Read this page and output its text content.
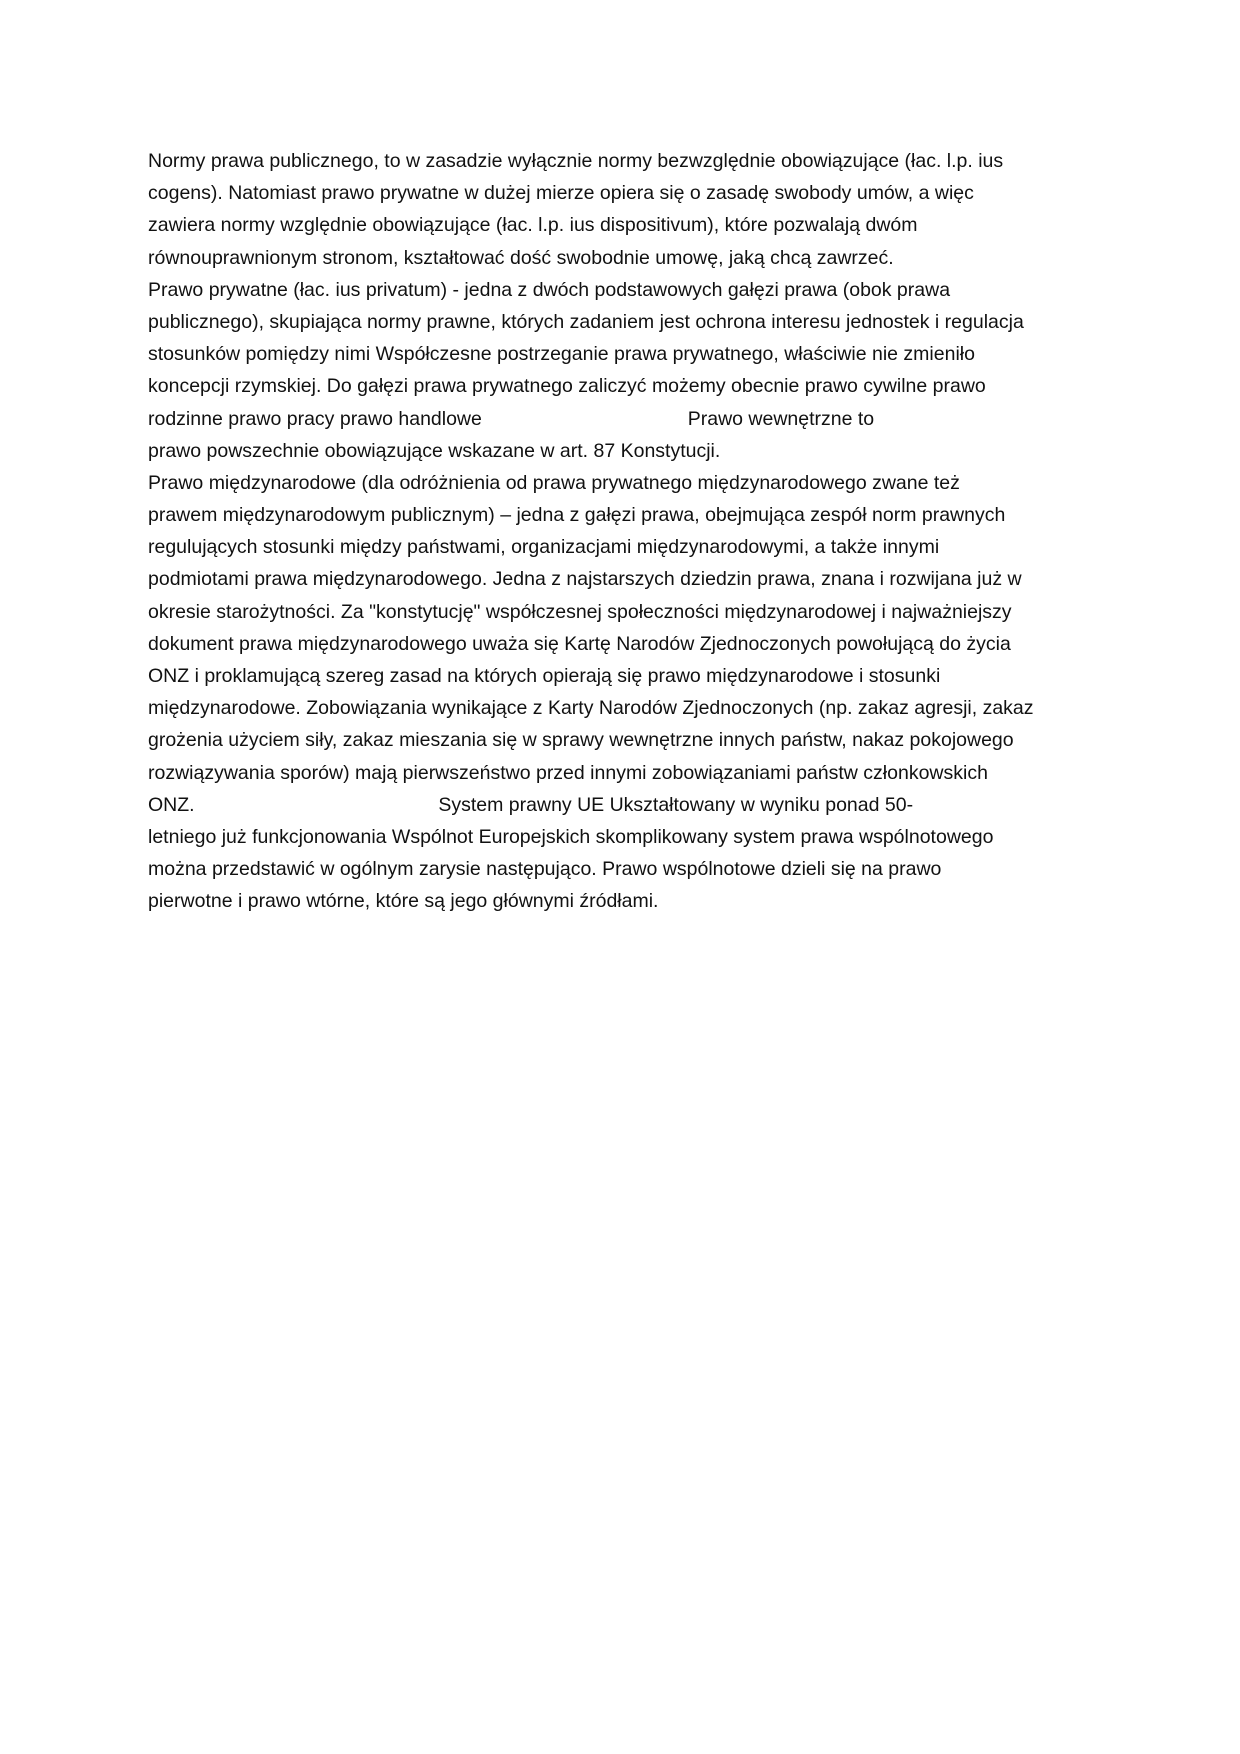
Normy prawa publicznego, to w zasadzie wyłącznie normy bezwzględnie obowiązujące (łac. l.p. ius
cogens). Natomiast prawo prywatne w dużej mierze opiera się o zasadę swobody umów, a więc
zawiera normy względnie obowiązujące (łac. l.p. ius dispositivum), które pozwalają dwóm
równouprawnionym stronom, kształtować dość swobodnie umowę, jaką chcą zawrzeć.
Prawo prywatne (łac. ius privatum) - jedna z dwóch podstawowych gałęzi prawa (obok prawa
publicznego), skupiająca normy prawne, których zadaniem jest ochrona interesu jednostek i regulacja
stosunków pomiędzy nimi Współczesne postrzeganie prawa prywatnego, właściwie nie zmieniło
koncepcji rzymskiej. Do gałęzi prawa prywatnego zaliczyć możemy obecnie prawo cywilne prawo
rodzinne prawo pracy prawo handlowe                                      Prawo wewnętrzne to
prawo powszechnie obowiązujące wskazane w art. 87 Konstytucji.
Prawo międzynarodowe (dla odróżnienia od prawa prywatnego międzynarodowego zwane też
prawem międzynarodowym publicznym) – jedna z gałęzi prawa, obejmująca zespół norm prawnych
regulujących stosunki między państwami, organizacjami międzynarodowymi, a także innymi
podmiotami prawa międzynarodowego. Jedna z najstarszych dziedzin prawa, znana i rozwijana już w
okresie starożytności. Za "konstytucję" współczesnej społeczności międzynarodowej i najważniejszy
dokument prawa międzynarodowego uważa się Kartę Narodów Zjednoczonych powołującą do życia
ONZ i proklamującą szereg zasad na których opierają się prawo międzynarodowe i stosunki
międzynarodowe. Zobowiązania wynikające z Karty Narodów Zjednoczonych (np. zakaz agresji, zakaz
grożenia użyciem siły, zakaz mieszania się w sprawy wewnętrzne innych państw, nakaz pokojowego
rozwiązywania sporów) mają pierwszeństwo przed innymi zobowiązaniami państw członkowskich
ONZ.                                             System prawny UE Ukształtowany w wyniku ponad 50-
letniego już funkcjonowania Wspólnot Europejskich skomplikowany system prawa wspólnotowego
można przedstawić w ogólnym zarysie następująco. Prawo wspólnotowe dzieli się na prawo
pierwotne i prawo wtórne, które są jego głównymi źródłami.
